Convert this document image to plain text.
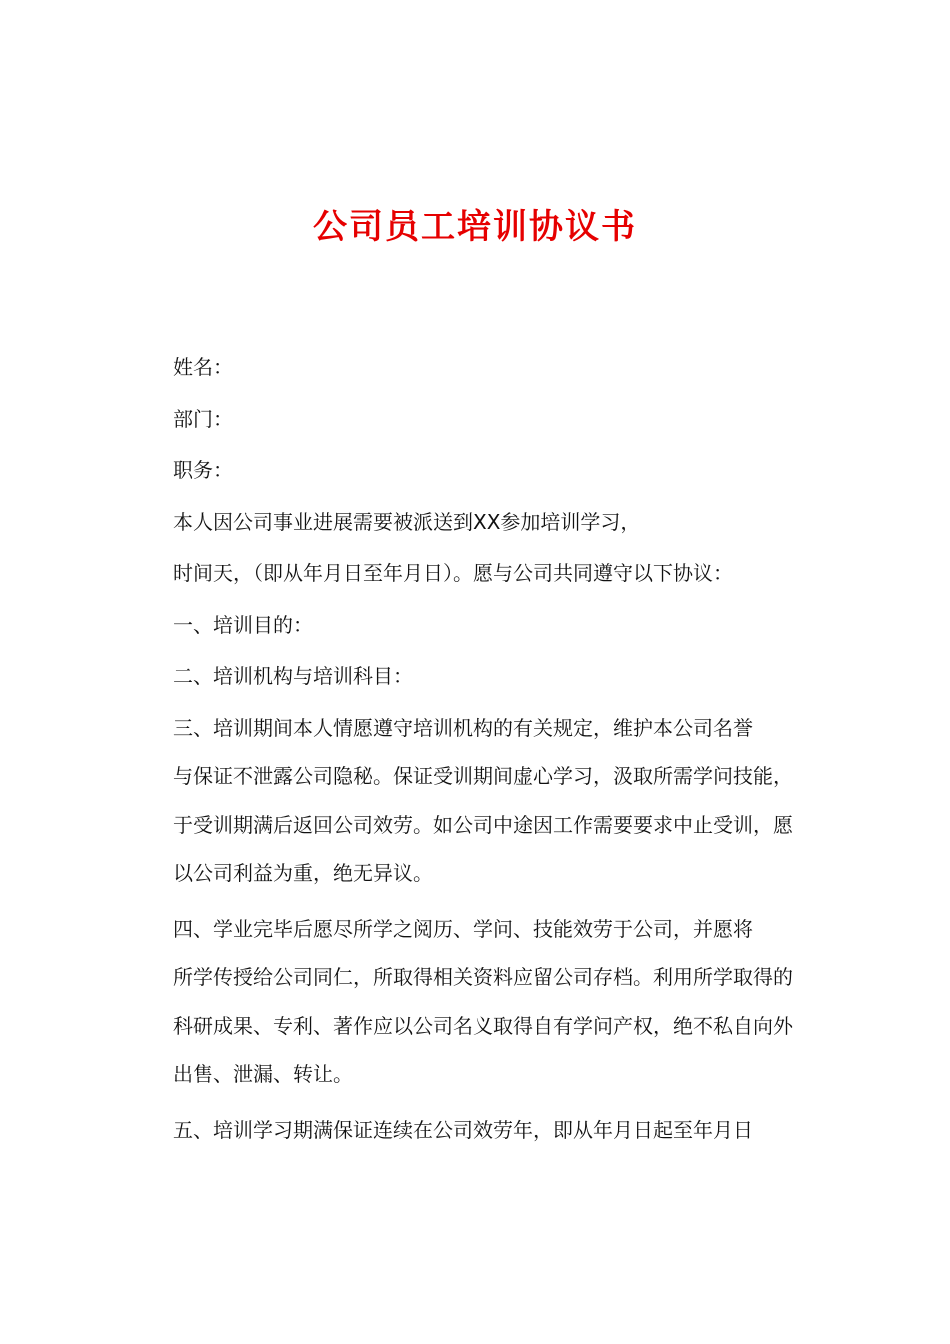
公司员工培训协议书

姓名：

部门：

职务：

本人因公司事业进展需要被派送到XX参加培训学习，

时间天，（即从年月日至年月日）。愿与公司共同遵守以下协议：

一、培训目的：

二、培训机构与培训科目：

三、培训期间本人情愿遵守培训机构的有关规定，维护本公司名誉

与保证不泄露公司隐秘。保证受训期间虚心学习，汲取所需学问技能，

于受训期满后返回公司效劳。如公司中途因工作需要要求中止受训，愿

以公司利益为重，绝无异议。

四、学业完毕后愿尽所学之阅历、学问、技能效劳于公司，并愿将

所学传授给公司同仁，所取得相关资料应留公司存档。利用所学取得的

科研成果、专利、著作应以公司名义取得自有学问产权，绝不私自向外

出售、泄漏、转让。

五、培训学习期满保证连续在公司效劳年，即从年月日起至年月日
